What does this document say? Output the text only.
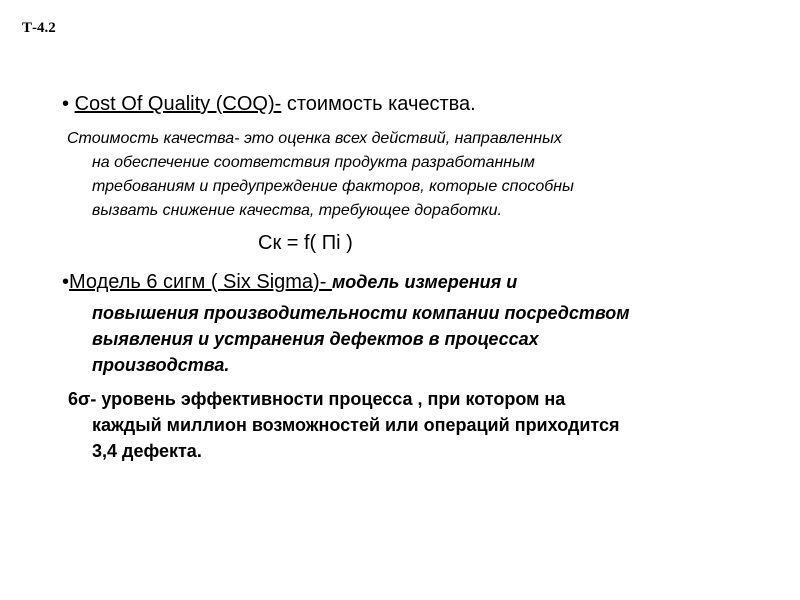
Т-4.2
• Cost Of Quality (COQ)- стоимость качества.
Стоимость качества- это оценка всех действий, направленных
на обеспечение соответствия продукта разработанным
требованиям и предупреждение факторов, которые способны
вызвать снижение качества, требующее доработки.
Cк = f( Пi )
•Модель 6 сигм ( Six Sigma)- модель измерения и
повышения производительности компании посредством
выявления и устранения дефектов в процессах
производства.
6σ- уровень эффективности процесса , при котором на
каждый миллион возможностей или операций приходится
3,4 дефекта.
